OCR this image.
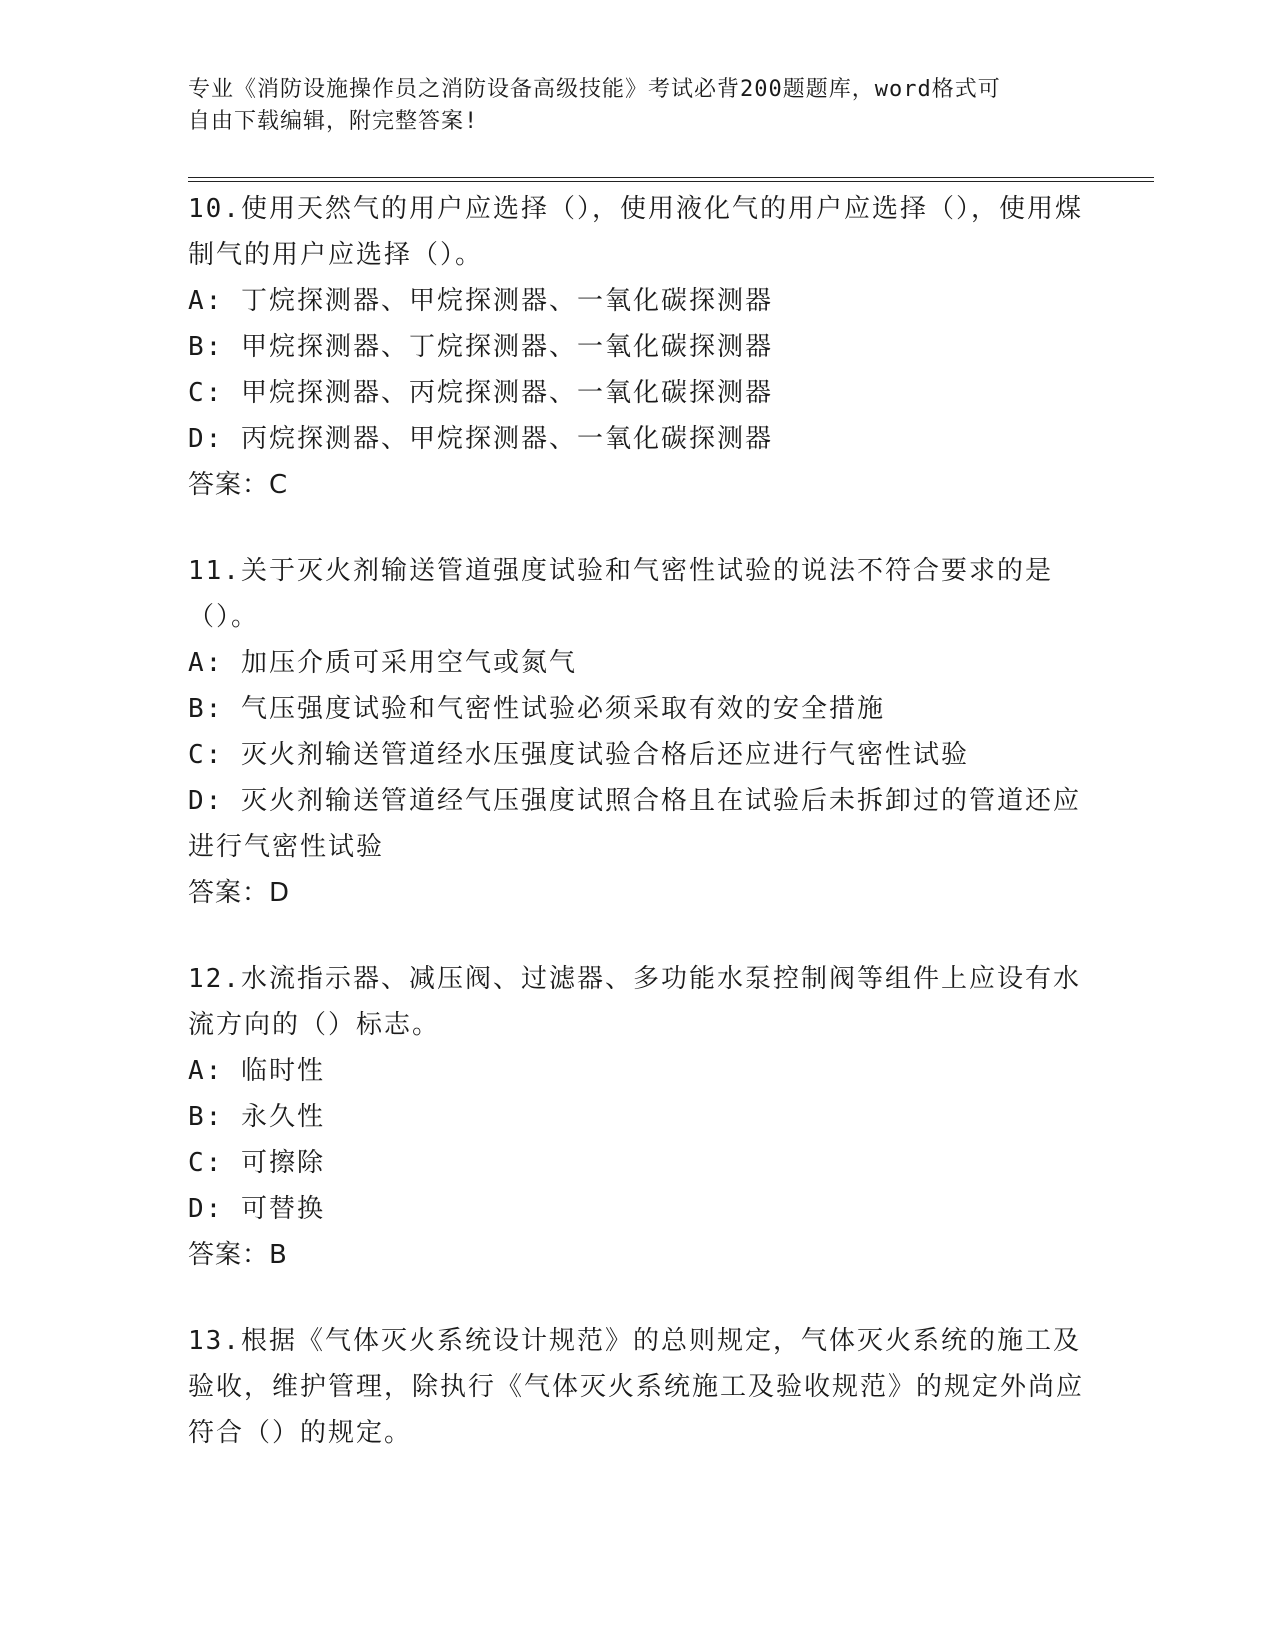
专业《消防设施操作员之消防设备高级技能》考试必背200题题库，word格式可
自由下载编辑，附完整答案!
10.使用天然气的用户应选择（），使用液化气的用户应选择（），使用煤制气的用户应选择（）。
A: 丁烷探测器、甲烷探测器、一氧化碳探测器
B: 甲烷探测器、丁烷探测器、一氧化碳探测器
C: 甲烷探测器、丙烷探测器、一氧化碳探测器
D: 丙烷探测器、甲烷探测器、一氧化碳探测器
答案：C
11.关于灭火剂输送管道强度试验和气密性试验的说法不符合要求的是（）。
A: 加压介质可采用空气或氮气
B: 气压强度试验和气密性试验必须采取有效的安全措施
C: 灭火剂输送管道经水压强度试验合格后还应进行气密性试验
D: 灭火剂输送管道经气压强度试照合格且在试验后未拆卸过的管道还应进行气密性试验
答案：D
12.水流指示器、减压阀、过滤器、多功能水泵控制阀等组件上应设有水流方向的（）标志。
A: 临时性
B: 永久性
C: 可擦除
D: 可替换
答案：B
13.根据《气体灭火系统设计规范》的总则规定，气体灭火系统的施工及验收，维护管理，除执行《气体灭火系统施工及验收规范》的规定外尚应符合（）的规定。
